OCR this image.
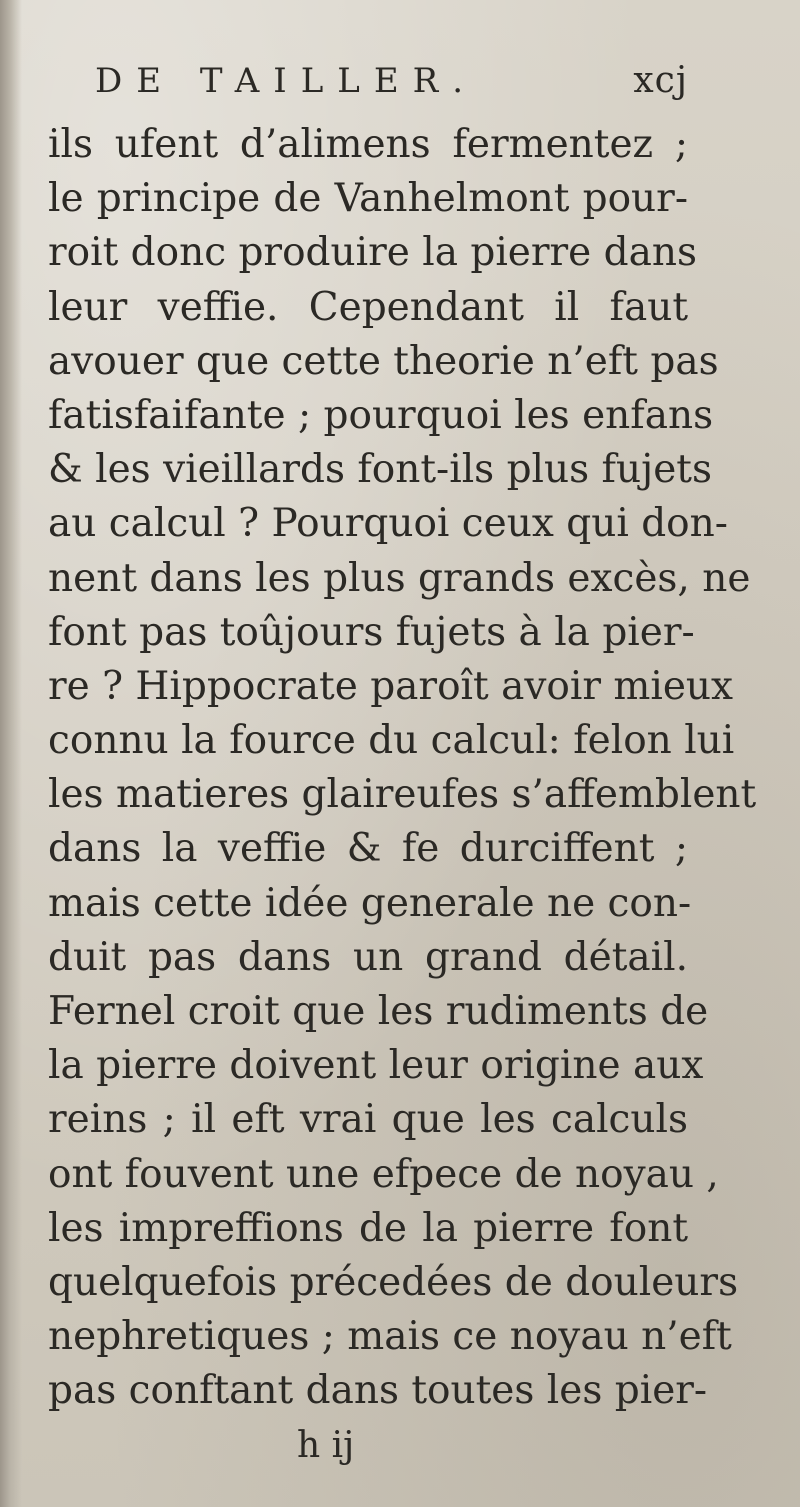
DE TAILLER.	xcj
ils ufent d’alimens fermentez ;
le principe de Vanhelmont pour-
roit donc produire la pierre dans
leur veffie. Cependant il faut
avouer que cette theorie n’eft pas
fatisfaifante ; pourquoi les enfans
& les vieillards font-ils plus fujets
au calcul ? Pourquoi ceux qui don-
nent dans les plus grands excès, ne
font pas toûjours fujets à la pier-
re ? Hippocrate paroît avoir mieux
connu la fource du calcul: felon lui
les matieres glaireufes s’affemblent
dans la veffie & fe durciffent ;
mais cette idée generale ne con-
duit pas dans un grand détail.
Fernel croit que les rudiments de
la pierre doivent leur origine aux
reins ; il eft vrai que les calculs
ont fouvent une efpece de noyau ,
les impreffions de la pierre font
quelquefois précedées de douleurs
nephretiques ; mais ce noyau n’eft
pas conftant dans toutes les pier-
h ij
